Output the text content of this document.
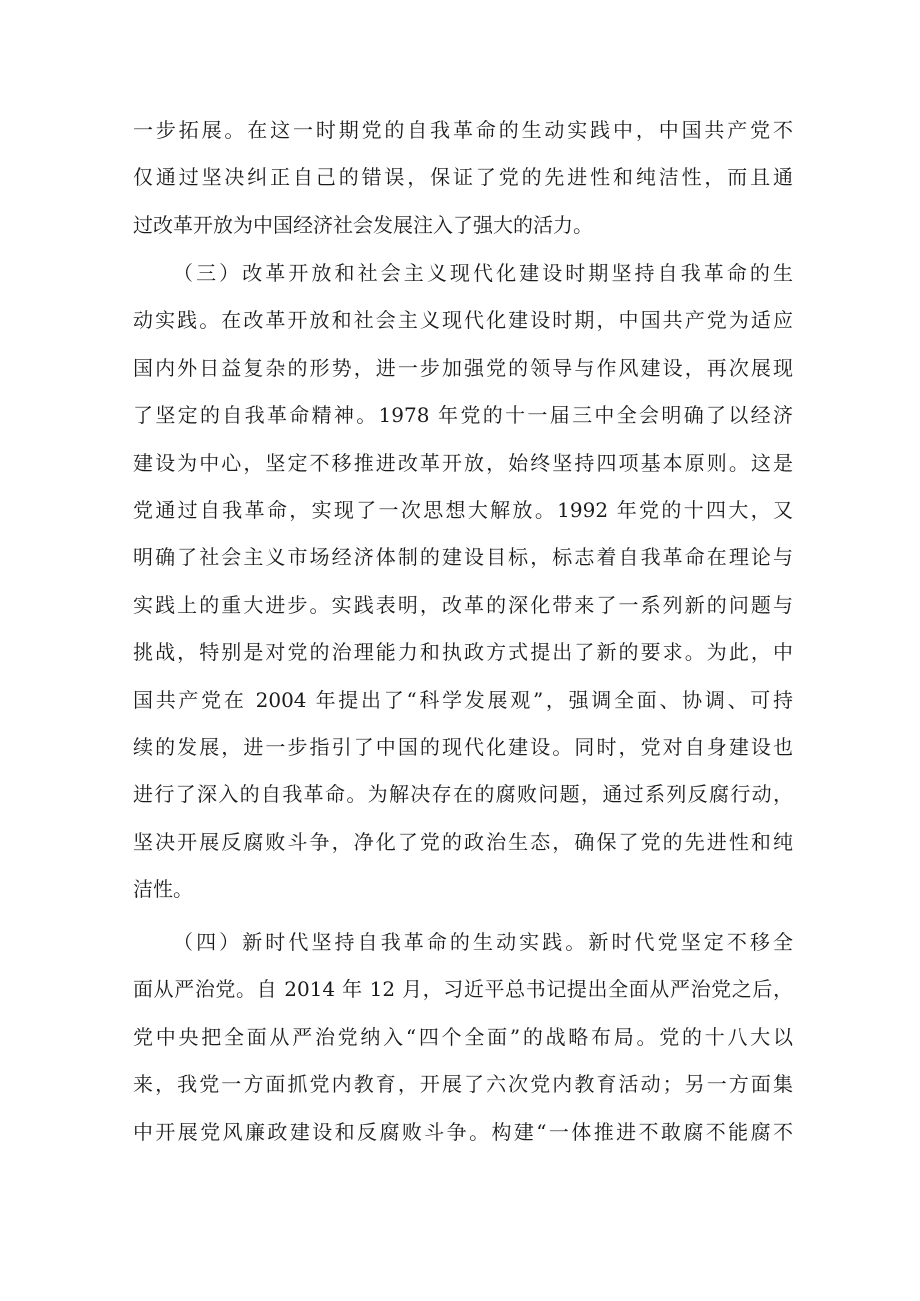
一步拓展。在这一时期党的自我革命的生动实践中，中国共产党不
仅通过坚决纠正自己的错误，保证了党的先进性和纯洁性，而且通
过改革开放为中国经济社会发展注入了强大的活力。
（三）改革开放和社会主义现代化建设时期坚持自我革命的生
动实践。在改革开放和社会主义现代化建设时期，中国共产党为适应
国内外日益复杂的形势，进一步加强党的领导与作风建设，再次展现
了坚定的自我革命精神。1978 年党的十一届三中全会明确了以经济
建设为中心，坚定不移推进改革开放，始终坚持四项基本原则。这是
党通过自我革命，实现了一次思想大解放。1992 年党的十四大，又
明确了社会主义市场经济体制的建设目标，标志着自我革命在理论与
实践上的重大进步。实践表明，改革的深化带来了一系列新的问题与
挑战，特别是对党的治理能力和执政方式提出了新的要求。为此，中
国共产党在 2004 年提出了“科学发展观”，强调全面、协调、可持
续的发展，进一步指引了中国的现代化建设。同时，党对自身建设也
进行了深入的自我革命。为解决存在的腐败问题，通过系列反腐行动，
坚决开展反腐败斗争，净化了党的政治生态，确保了党的先进性和纯
洁性。
（四）新时代坚持自我革命的生动实践。新时代党坚定不移全
面从严治党。自 2014 年 12 月，习近平总书记提出全面从严治党之后，
党中央把全面从严治党纳入“四个全面”的战略布局。党的十八大以
来，我党一方面抓党内教育，开展了六次党内教育活动；另一方面集
中开展党风廉政建设和反腐败斗争。构建“一体推进不敢腐不能腐不
